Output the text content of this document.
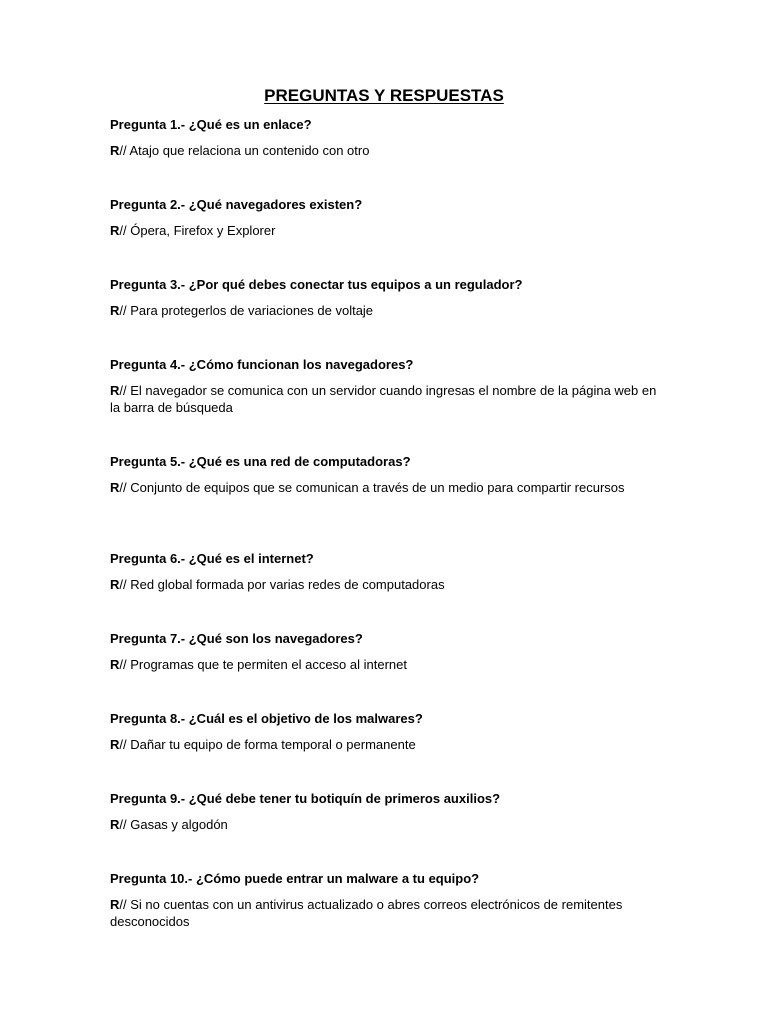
PREGUNTAS Y RESPUESTAS
Pregunta 1.- ¿Qué es un enlace?
R// Atajo que relaciona un contenido con otro
Pregunta 2.- ¿Qué navegadores existen?
R// Ópera, Firefox y Explorer
Pregunta 3.- ¿Por qué debes conectar tus equipos a un regulador?
R// Para protegerlos de variaciones de voltaje
Pregunta 4.- ¿Cómo funcionan los navegadores?
R// El navegador se comunica con un servidor cuando ingresas el nombre de la página web en la barra de búsqueda
Pregunta 5.- ¿Qué es una red de computadoras?
R// Conjunto de equipos que se comunican a través de un medio para compartir recursos
Pregunta 6.- ¿Qué es el internet?
R// Red global formada por varias redes de computadoras
Pregunta 7.- ¿Qué son los navegadores?
R// Programas que te permiten el acceso al internet
Pregunta 8.- ¿Cuál es el objetivo de los malwares?
R// Dañar tu equipo de forma temporal o permanente
Pregunta 9.- ¿Qué debe tener tu botiquín de primeros auxilios?
R// Gasas y algodón
Pregunta 10.- ¿Cómo puede entrar un malware a tu equipo?
R// Si no cuentas con un antivirus actualizado o abres correos electrónicos de remitentes desconocidos
